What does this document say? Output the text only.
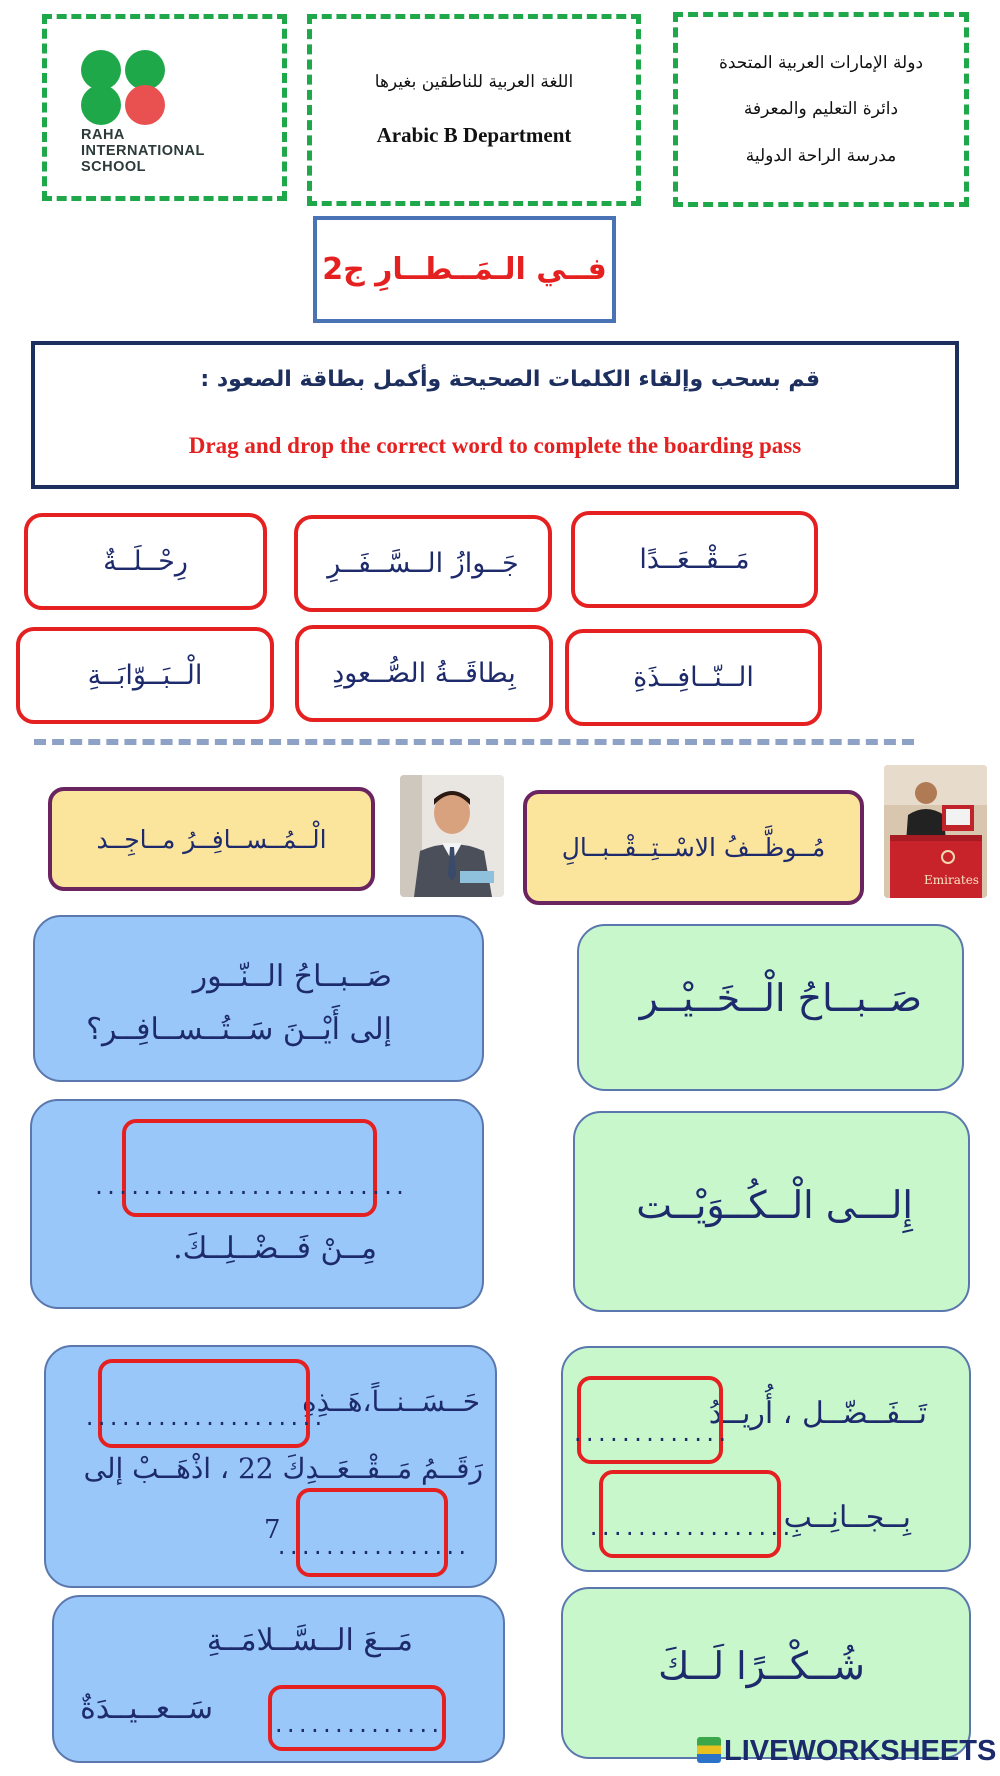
RAHA
INTERNATIONAL
SCHOOL
اللغة العربية للناطقين بغيرها
Arabic B Department
دولة الإمارات العربية المتحدة
دائرة التعليم والمعرفة
مدرسة الراحة الدولية
فــي الـمَــطــارِ ج2
قم بسحب وإلقاء الكلمات الصحيحة وأكمل بطاقة الصعود :
Drag and drop the correct word to complete the boarding pass
مَــقْــعَــدًا
جَــوازُ الــسَّــفَــرِ
رِحْــلَــةٌ
الــنّــافِــذَةِ
بِطاقَــةُ الصُّــعودِ
الْــبَــوّابَــةِ
مُــوظَّــفُ الاسْــتِــقْــبــالِ
الْــمُــســافِــرُ مــاجِــد
Emirates
صَــبــاحُ الْــخَــيْــر
صَــبــاحُ الــنّــور
إلى أَيْــنَ سَــتُــســافِــر؟
إِلـــى الْــكُــوَيْــت
..........................
مِــنْ فَــضْــلِــكَ.
تَــفَــضّــل ، أُريــدُ
.............
بِــجــانِــبِ
.................
حَــسَــنــاً،هَــذِهِ
....................
رَقَــمُ مَــقْــعَــدِكَ 22 ، اذْهَــبْ إلى
................
7
شُــكْــرًا لَــكَ
مَــعَ الــسَّــلامَــةِ
..............
سَــعــيــدَةٌ
LIVEWORKSHEETS
